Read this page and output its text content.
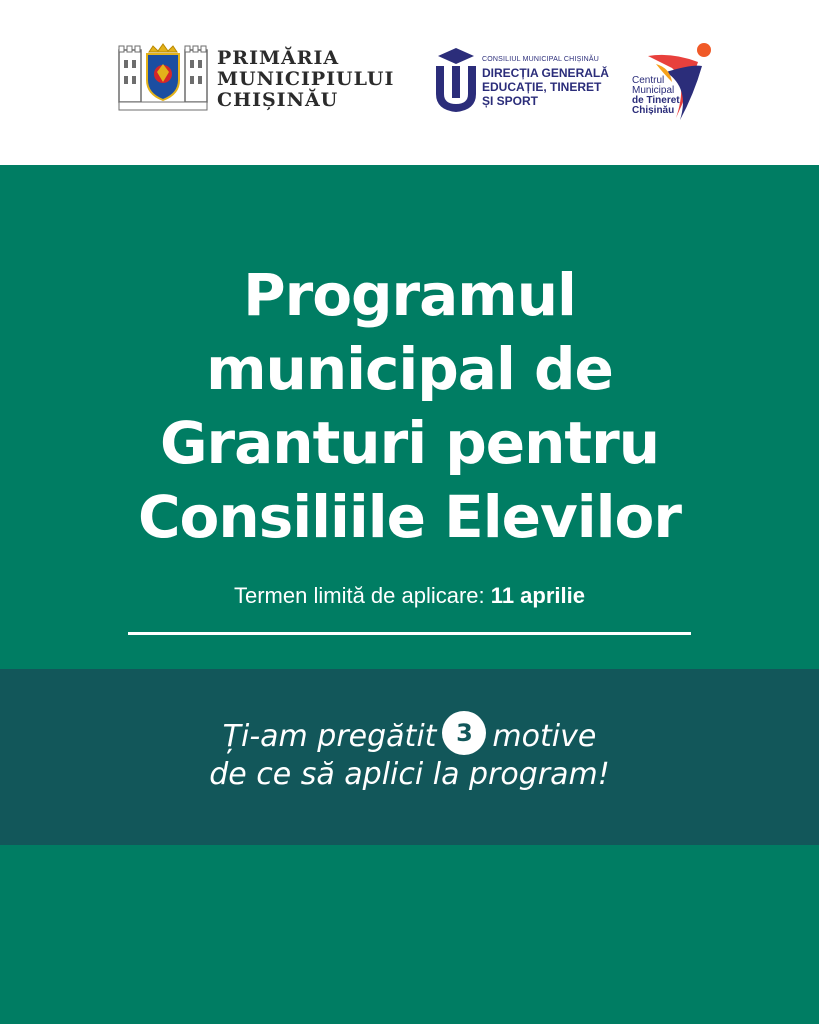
PRIMĂRIA
MUNICIPIULUI
CHIȘINĂU
CONSILIUL MUNICIPAL CHIȘINĂU
DIRECȚIA GENERALĂ
EDUCAȚIE, TINERET
ȘI SPORT
Centrul
Municipal
de Tineret
Chișinău
Programul
municipal de
Granturi pentru
Consiliile Elevilor
Termen limită de aplicare: 11 aprilie
Ți-am pregătit 3 motive
de ce să aplici la program!
